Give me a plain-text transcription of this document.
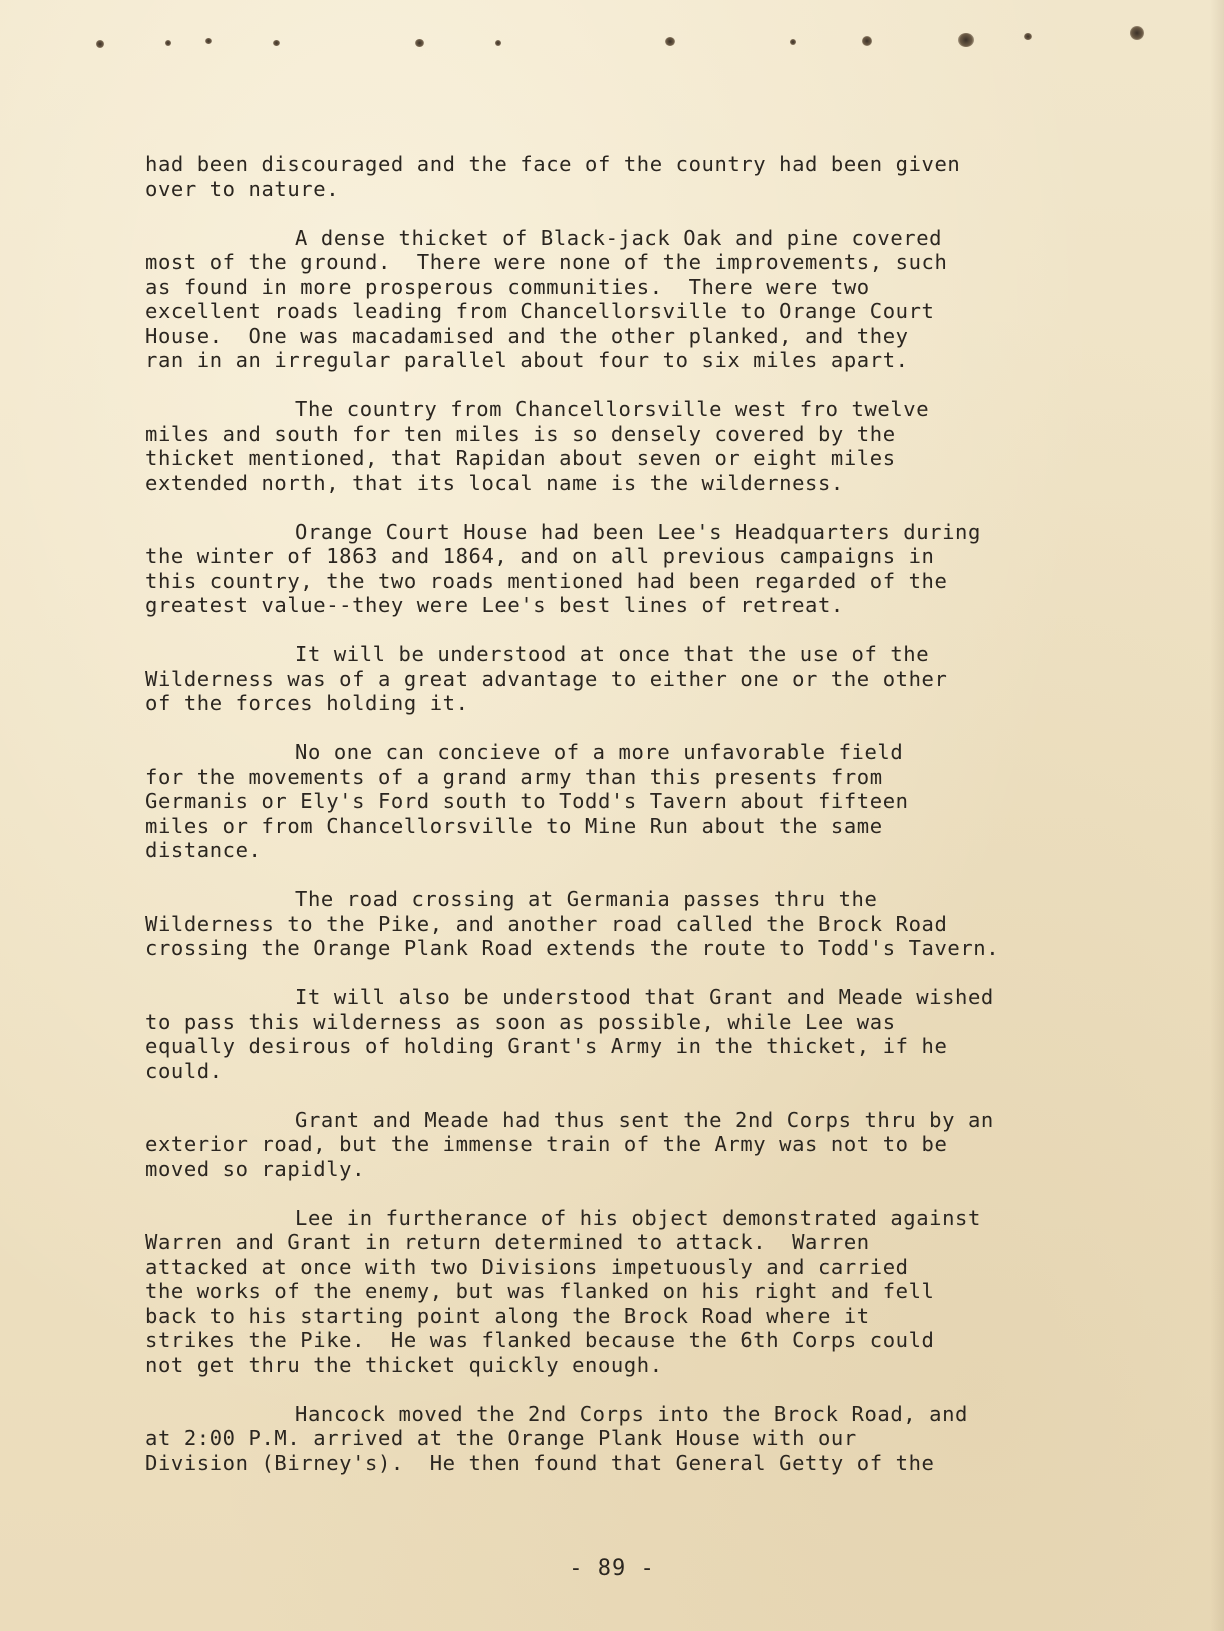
had been discouraged and the face of the country had been given
over to nature.
A dense thicket of Black-jack Oak and pine covered
most of the ground.  There were none of the improvements, such
as found in more prosperous communities.  There were two
excellent roads leading from Chancellorsville to Orange Court
House.  One was macadamised and the other planked, and they
ran in an irregular parallel about four to six miles apart.
The country from Chancellorsville west fro twelve
miles and south for ten miles is so densely covered by the
thicket mentioned, that Rapidan about seven or eight miles
extended north, that its local name is the wilderness.
Orange Court House had been Lee's Headquarters during
the winter of 1863 and 1864, and on all previous campaigns in
this country, the two roads mentioned had been regarded of the
greatest value--they were Lee's best lines of retreat.
It will be understood at once that the use of the
Wilderness was of a great advantage to either one or the other
of the forces holding it.
No one can concieve of a more unfavorable field
for the movements of a grand army than this presents from
Germanis or Ely's Ford south to Todd's Tavern about fifteen
miles or from Chancellorsville to Mine Run about the same
distance.
The road crossing at Germania passes thru the
Wilderness to the Pike, and another road called the Brock Road
crossing the Orange Plank Road extends the route to Todd's Tavern.
It will also be understood that Grant and Meade wished
to pass this wilderness as soon as possible, while Lee was
equally desirous of holding Grant's Army in the thicket, if he
could.
Grant and Meade had thus sent the 2nd Corps thru by an
exterior road, but the immense train of the Army was not to be
moved so rapidly.
Lee in furtherance of his object demonstrated against
Warren and Grant in return determined to attack.  Warren
attacked at once with two Divisions impetuously and carried
the works of the enemy, but was flanked on his right and fell
back to his starting point along the Brock Road where it
strikes the Pike.  He was flanked because the 6th Corps could
not get thru the thicket quickly enough.
Hancock moved the 2nd Corps into the Brock Road, and
at 2:00 P.M. arrived at the Orange Plank House with our
Division (Birney's).  He then found that General Getty of the
- 89 -
